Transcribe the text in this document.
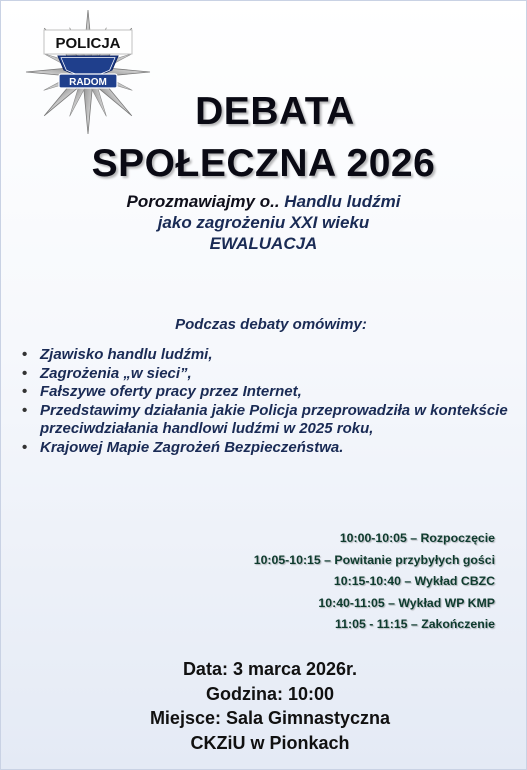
POLICJA
RADOM
DEBATA
SPOŁECZNA 2026
Porozmawiajmy o.. Handlu ludźmi
jako zagrożeniu XXI wieku
EWALUACJA
Podczas debaty omówimy:
• Zjawisko handlu ludźmi,
• Zagrożenia „w sieci”,
• Fałszywe oferty pracy przez Internet,
• Przedstawimy działania jakie Policja przeprowadziła w kontekście przeciwdziałania handlowi ludźmi w 2025 roku,
• Krajowej Mapie Zagrożeń Bezpieczeństwa.
10:00-10:05 – Rozpoczęcie
10:05-10:15 – Powitanie przybyłych gości
10:15-10:40 – Wykład CBZC
10:40-11:05 – Wykład WP KMP
11:05 - 11:15 – Zakończenie
Data: 3 marca 2026r.
Godzina: 10:00
Miejsce: Sala Gimnastyczna
CKZiU w Pionkach
